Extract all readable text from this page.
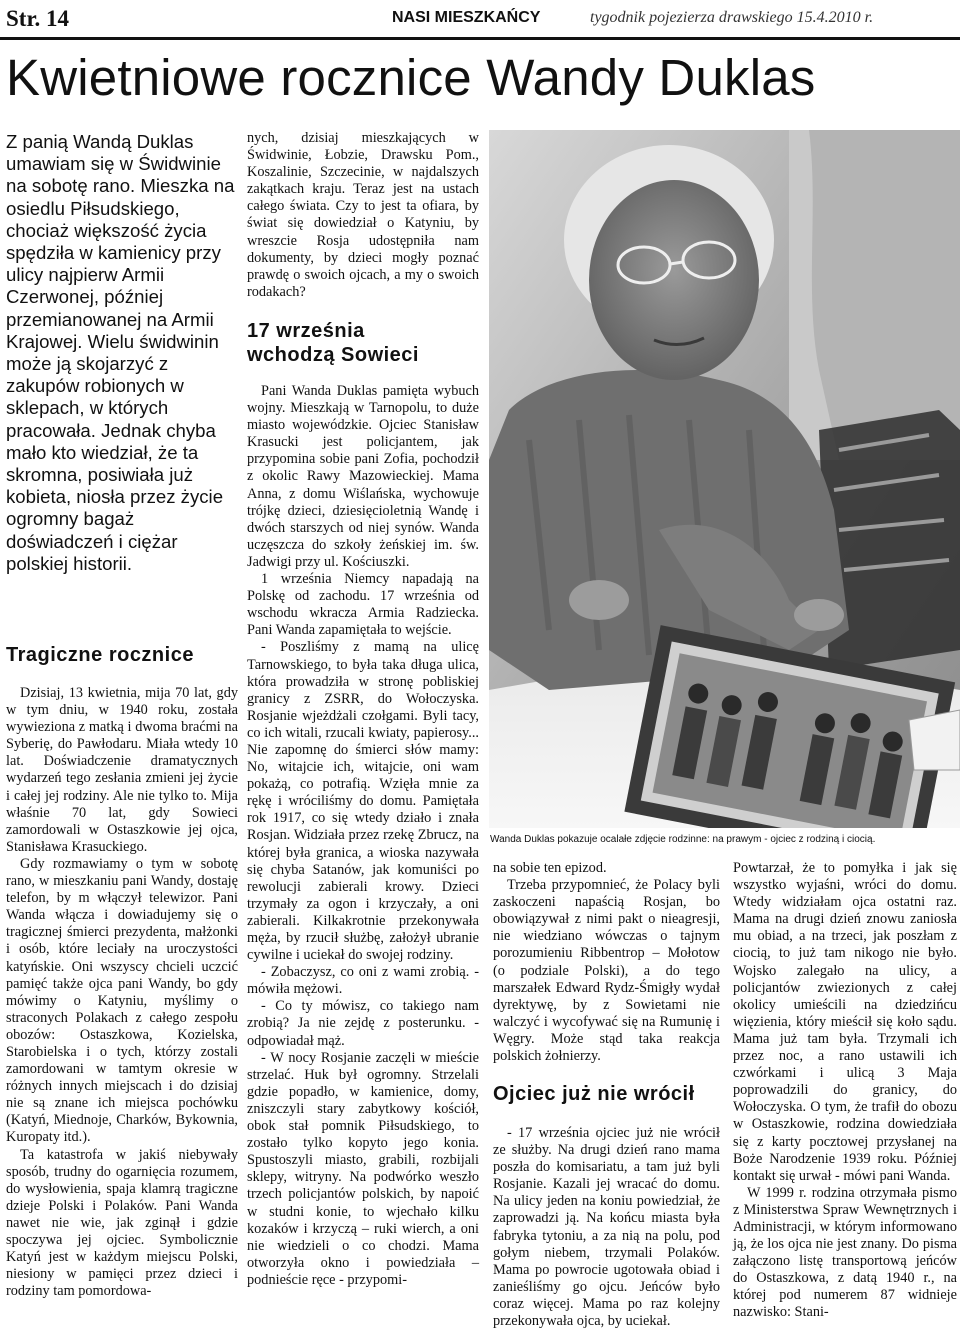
Str. 14	NASI MIESZKAŃCY	tygodnik pojezierza drawskiego 15.4.2010 r.
Kwietniowe rocznice Wandy Duklas
Z panią Wandą Duklas umawiam się w Świdwinie na sobotę rano. Mieszka na osiedlu Piłsudskiego, chociaż większość życia spędziła w kamienicy przy ulicy najpierw Armii Czerwonej, później przemianowanej na Armii Krajowej. Wielu świdwinin może ją skojarzyć z zakupów robionych w sklepach, w których pracowała. Jednak chyba mało kto wiedział, że ta skromna, posiwiała już kobieta, niosła przez życie ogromny bagaż doświadczeń i ciężar polskiej historii.
Tragiczne rocznice

Dzisiaj, 13 kwietnia, mija 70 lat, gdy w tym dniu, w 1940 roku, została wywieziona z matką i dwoma braćmi na Syberię, do Pawłodaru. Miała wtedy 10 lat. Doświadczenie dramatycznych wydarzeń tego zesłania zmieni jej życie i całej jej rodziny. Ale nie tylko to. Mija właśnie 70 lat, gdy Sowieci zamordowali w Ostaszkowie jej ojca, Stanisława Krasuckiego.

Gdy rozmawiamy o tym w sobotę rano, w mieszkaniu pani Wandy, dostaję telefon, by m włączył telewizor. Pani Wanda włącza i dowiadujemy się o tragicznej śmierci prezydenta, małżonki i osób, które leciały na uroczystości katyńskie. Oni wszyscy chcieli uczcić pamięć także ojca pani Wandy, bo gdy mówimy o Katyniu, myślimy o straconych Polakach z całego zespołu obozów: Ostaszkowa, Kozielska, Starobielska i o tych, którzy zostali zamordowani w tamtym okresie w różnych innych miejscach i do dzisiaj nie są znane ich miejsca pochówku (Katyń, Miednoje, Charków, Bykownia, Kuropaty itd.).

Ta katastrofa w jakiś niebywały sposób, trudny do ogarnięcia rozumem, do wysłowienia, spaja klamrą tragiczne dzieje Polski i Polaków. Pani Wanda nawet nie wie, jak zginął i gdzie spoczywa jej ojciec. Symbolicznie Katyń jest w każdym miejscu Polski, niesiony w pamięci przez dzieci i rodziny tam pomordowa-

nych, dzisiaj mieszkających w Świdwinie, Łobzie, Drawsku Pom., Koszalinie, Szczecinie, w najdalszych zakątkach kraju. Teraz jest na ustach całego świata. Czy to jest ta ofiara, by świat się dowiedział o Katyniu, by wreszcie Rosja udostępniła nam dokumenty, by dzieci mogły poznać prawdę o swoich ojcach, a my o swoich rodakach?

17 września
wchodzą Sowieci

Pani Wanda Duklas pamięta wybuch wojny. Mieszkają w Tarnopolu, to duże miasto wojewódzkie. Ojciec Stanisław Krasucki jest policjantem, jak przypomina sobie pani Zofia, pochodził z okolic Rawy Mazowieckiej. Mama Anna, z domu Wiślańska, wychowuje trójkę dzieci, dziesięcioletnią Wandę i dwóch starszych od niej synów. Wanda uczęszcza do szkoły żeńskiej im. św. Jadwigi przy ul. Kościuszki.

1 września Niemcy napadają na Polskę od zachodu. 17 września od wschodu wkracza Armia Radziecka. Pani Wanda zapamiętała to wejście.

- Poszliśmy z mamą na ulicę Tarnowskiego, to była taka długa ulica, która prowadziła w stronę pobliskiej granicy z ZSRR, do Wołoczyska. Rosjanie wjeżdżali czołgami. Byli tacy, co ich witali, rzucali kwiaty, papierosy... Nie zapomnę do śmierci słów mamy: No, witajcie ich, witajcie, oni wam pokażą, co potrafią. Wzięła mnie za rękę i wróciliśmy do domu. Pamiętała rok 1917, co się wtedy działo i znała Rosjan. Widziała przez rzekę Zbrucz, na której była granica, a wioska nazywała się chyba Satanów, jak komuniści po rewolucji zabierali krowy. Dzieci trzymały za ogon i krzyczały, a oni zabierali. Kilkakrotnie przekonywała męża, by rzucił służbę, założył ubranie cywilne i uciekał do swojej rodziny.

- Zobaczysz, co oni z wami zrobią. - mówiła mężowi.

- Co ty mówisz, co takiego nam zrobią? Ja nie zejdę z posterunku. - odpowiadał mąż.

- W nocy Rosjanie zaczęli w mieście strzelać. Huk był ogromny. Strzelali gdzie popadło, w kamienice, domy, zniszczyli stary zabytkowy kościół, obok stał pomnik Piłsudskiego, to zostało tylko kopyto jego konia. Spustoszyli miasto, grabili, rozbijali sklepy, witryny. Na podwórko weszło trzech policjantów polskich, by napoić w studni konie, to wjechało kilku kozaków i krzyczą – ruki wierch, a oni nie wiedzieli o co chodzi. Mama otworzyła okno i powiedziała – podnieście ręce - przypomi-

Wanda Duklas pokazuje ocalałe zdjęcie rodzinne: na prawym - ojciec z rodziną i ciocią.

na sobie ten epizod.

Trzeba przypomnieć, że Polacy byli zaskoczeni napaścią Rosjan, bo obowiązywał z nimi pakt o nieagresji, nie wiedziano wówczas o tajnym porozumieniu Ribbentrop – Mołotow (o podziale Polski), a do tego marszałek Edward Rydz-Śmigły wydał dyrektywę, by z Sowietami nie walczyć i wycofywać się na Rumunię i Węgry. Może stąd taka reakcja polskich żołnierzy.

Ojciec już nie wrócił

- 17 września ojciec już nie wrócił ze służby. Na drugi dzień rano mama poszła do komisariatu, a tam już byli Rosjanie. Kazali jej wracać do domu. Na ulicy jeden na koniu powiedział, że zaprowadzi ją. Na końcu miasta była fabryka tytoniu, a za nią na polu, pod gołym niebem, trzymali Polaków. Mama po powrocie ugotowała obiad i zanieśliśmy go ojcu. Jeńców było coraz więcej. Mama po raz kolejny przekonywała ojca, by uciekał.

Powtarzał, że to pomyłka i jak się wszystko wyjaśni, wróci do domu. Wtedy widziałam ojca ostatni raz. Mama na drugi dzień znowu zaniosła mu obiad, a na trzeci, jak poszłam z ciocią, to już tam nikogo nie było. Wojsko zalegało na ulicy, a policjantów zwiezionych z całej okolicy umieścili na dziedzińcu więzienia, który mieścił się koło sądu. Mama już tam była. Trzymali ich przez noc, a rano ustawili ich czwórkami i ulicą 3 Maja poprowadzili do granicy, do Wołoczyska. O tym, że trafił do obozu w Ostaszkowie, rodzina dowiedziała się z karty pocztowej przysłanej na Boże Narodzenie 1939 roku. Później kontakt się urwał - mówi pani Wanda.

W 1999 r. rodzina otrzymała pismo z Ministerstwa Spraw Wewnętrznych i Administracji, w którym informowano ją, że los ojca nie jest znany. Do pisma załączono listę transportową jeńców do Ostaszkowa, z datą 1940 r., na której pod numerem 87 widnieje nazwisko: Stani-
